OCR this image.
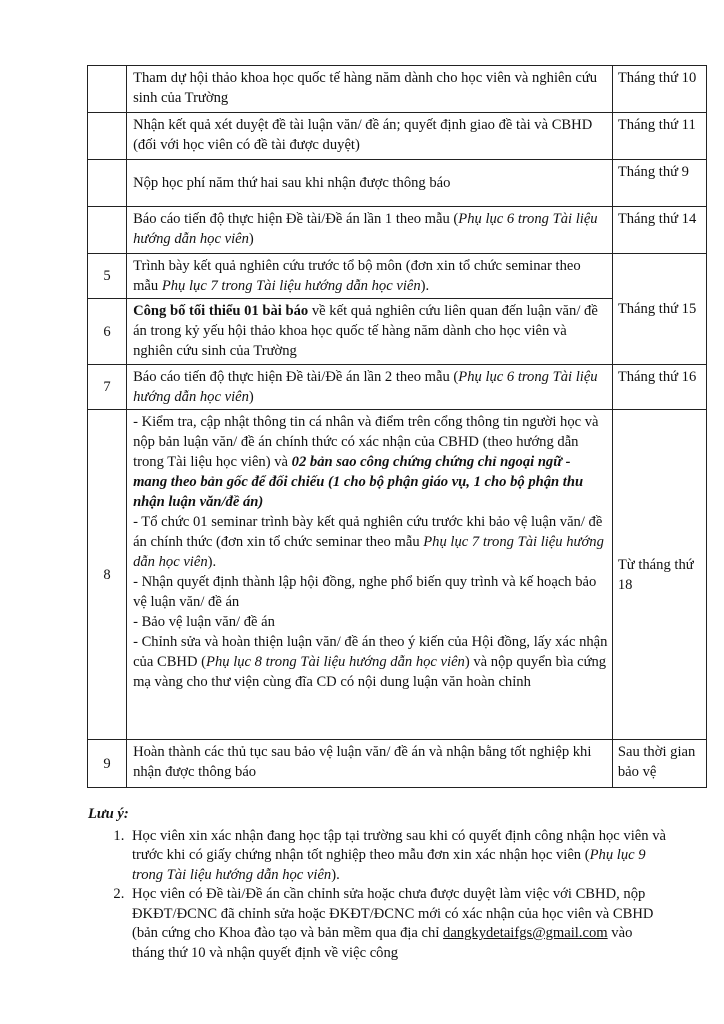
	Tham dự hội thảo khoa học quốc tế hàng năm dành cho học viên và nghiên cứu sinh của Trường	Tháng thứ 10
	Nhận kết quả xét duyệt đề tài luận văn/ đề án; quyết định giao đề tài và CBHD (đối với học viên có đề tài được duyệt)	Tháng thứ 11
	Nộp học phí năm thứ hai sau khi nhận được thông báo	Tháng thứ 9
	Báo cáo tiến độ thực hiện Đề tài/Đề án lần 1 theo mẫu (Phụ lục 6 trong Tài liệu hướng dẫn học viên)	Tháng thứ 14
5	Trình bày kết quả nghiên cứu trước tổ bộ môn (đơn xin tổ chức seminar theo mẫu Phụ lục 7 trong Tài liệu hướng dẫn học viên).	Tháng thứ 15
6	Công bố tối thiểu 01 bài báo về kết quả nghiên cứu liên quan đến luận văn/ đề án trong kỷ yếu hội thảo khoa học quốc tế hàng năm dành cho học viên và nghiên cứu sinh của Trường	
7	Báo cáo tiến độ thực hiện Đề tài/Đề án lần 2 theo mẫu (Phụ lục 6 trong Tài liệu hướng dẫn học viên)	Tháng thứ 16
8	- Kiểm tra, cập nhật thông tin cá nhân và điểm trên cổng thông tin người học và nộp bản luận văn/ đề án chính thức có xác nhận của CBHD (theo hướng dẫn trong Tài liệu học viên) và 02 bản sao công chứng chứng chỉ ngoại ngữ - mang theo bản gốc để đối chiếu (1 cho bộ phận giáo vụ, 1 cho bộ phận thu nhận luận văn/đề án)
- Tổ chức 01 seminar trình bày kết quả nghiên cứu trước khi bảo vệ luận văn/ đề án chính thức (đơn xin tổ chức seminar theo mẫu Phụ lục 7 trong Tài liệu hướng dẫn học viên).
- Nhận quyết định thành lập hội đồng, nghe phổ biến quy trình và kế hoạch bảo vệ luận văn/ đề án
- Bảo vệ luận văn/ đề án
- Chỉnh sửa và hoàn thiện luận văn/ đề án theo ý kiến của Hội đồng, lấy xác nhận của CBHD (Phụ lục 8 trong Tài liệu hướng dẫn học viên) và nộp quyển bìa cứng mạ vàng cho thư viện cùng đĩa CD có nội dung luận văn hoàn chỉnh	Từ tháng thứ 18
9	Hoàn thành các thủ tục sau bảo vệ luận văn/ đề án và nhận bằng tốt nghiệp khi nhận được thông báo	Sau thời gian bảo vệ
Lưu ý:
1. Học viên xin xác nhận đang học tập tại trường sau khi có quyết định công nhận học viên và trước khi có giấy chứng nhận tốt nghiệp theo mẫu đơn xin xác nhận học viên (Phụ lục 9 trong Tài liệu hướng dẫn học viên).
2. Học viên có Đề tài/Đề án cần chỉnh sửa hoặc chưa được duyệt làm việc với CBHD, nộp ĐKĐT/ĐCNC đã chỉnh sửa hoặc ĐKĐT/ĐCNC mới có xác nhận của học viên và CBHD (bản cứng cho Khoa đào tạo và bản mềm qua địa chỉ dangkydetaifgs@gmail.com vào tháng thứ 10 và nhận quyết định về việc công
